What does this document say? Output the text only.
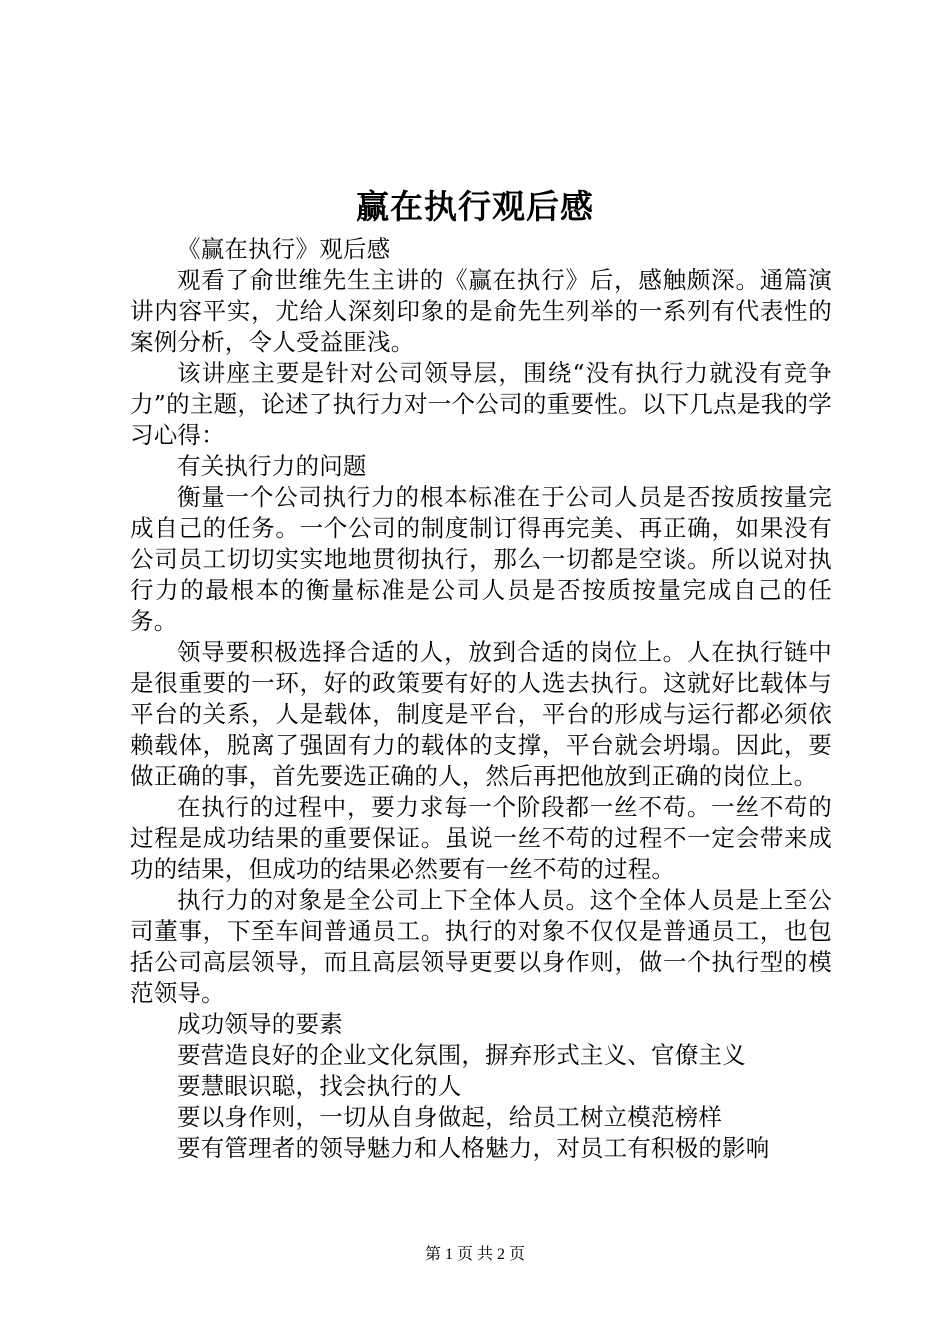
赢在执行观后感

《赢在执行》观后感

观看了俞世维先生主讲的《赢在执行》后，感触颇深。通篇演讲内容平实，尤给人深刻印象的是俞先生列举的一系列有代表性的案例分析，令人受益匪浅。

该讲座主要是针对公司领导层，围绕“没有执行力就没有竞争力”的主题，论述了执行力对一个公司的重要性。以下几点是我的学习心得：

有关执行力的问题

衡量一个公司执行力的根本标准在于公司人员是否按质按量完成自己的任务。一个公司的制度制订得再完美、再正确，如果没有公司员工切切实实地地贯彻执行，那么一切都是空谈。所以说对执行力的最根本的衡量标准是公司人员是否按质按量完成自己的任务。

领导要积极选择合适的人，放到合适的岗位上。人在执行链中是很重要的一环，好的政策要有好的人选去执行。这就好比载体与平台的关系，人是载体，制度是平台，平台的形成与运行都必须依赖载体，脱离了强固有力的载体的支撑，平台就会坍塌。因此，要做正确的事，首先要选正确的人，然后再把他放到正确的岗位上。

在执行的过程中，要力求每一个阶段都一丝不苟。一丝不苟的过程是成功结果的重要保证。虽说一丝不苟的过程不一定会带来成功的结果，但成功的结果必然要有一丝不苟的过程。

执行力的对象是全公司上下全体人员。这个全体人员是上至公司董事，下至车间普通员工。执行的对象不仅仅是普通员工，也包括公司高层领导，而且高层领导更要以身作则，做一个执行型的模范领导。

成功领导的要素

要营造良好的企业文化氛围，摒弃形式主义、官僚主义

要慧眼识聪，找会执行的人

要以身作则，一切从自身做起，给员工树立模范榜样

要有管理者的领导魅力和人格魅力，对员工有积极的影响

第 1 页 共 2 页
